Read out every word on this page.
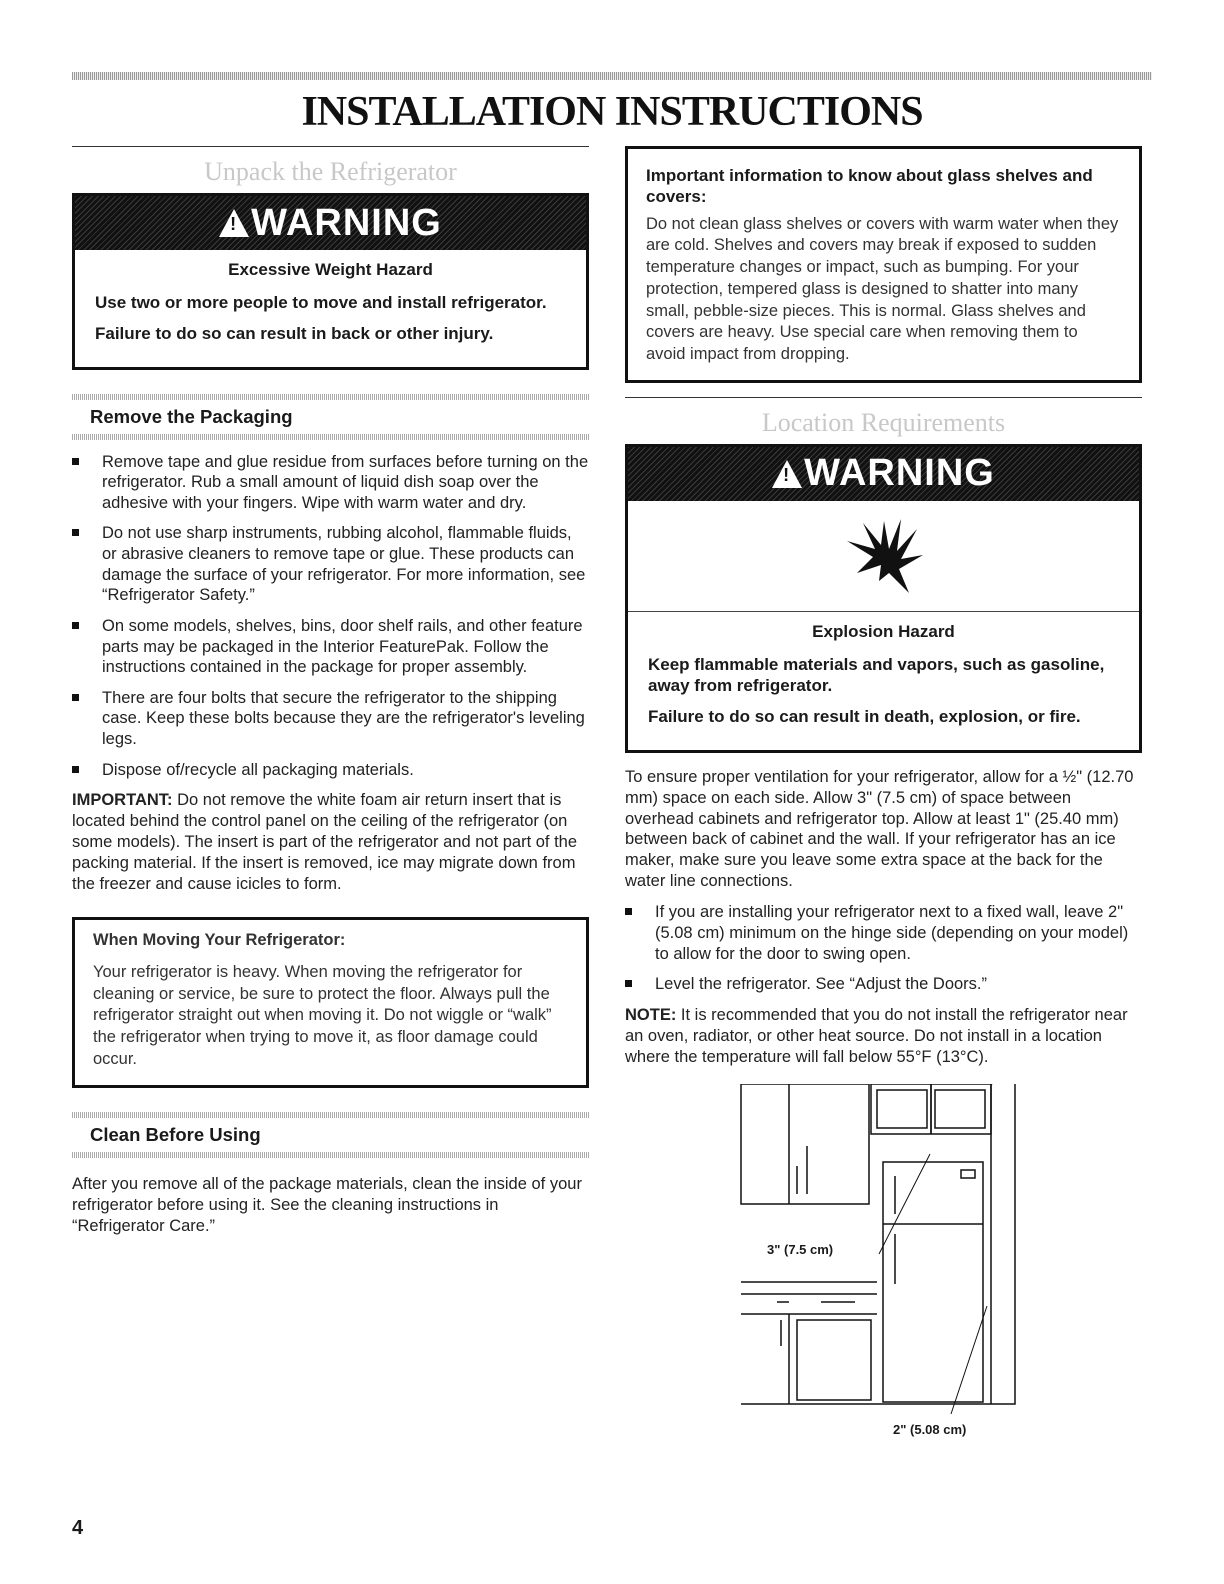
INSTALLATION INSTRUCTIONS
Unpack the Refrigerator
!
WARNING

Excessive Weight Hazard

Use two or more people to move and install refrigerator.

Failure to do so can result in back or other injury.

Remove the Packaging
Remove tape and glue residue from surfaces before turning on the refrigerator. Rub a small amount of liquid dish soap over the adhesive with your fingers. Wipe with warm water and dry.
Do not use sharp instruments, rubbing alcohol, flammable fluids, or abrasive cleaners to remove tape or glue. These products can damage the surface of your refrigerator. For more information, see “Refrigerator Safety.”
On some models, shelves, bins, door shelf rails, and other feature parts may be packaged in the Interior FeaturePak. Follow the instructions contained in the package for proper assembly.
There are four bolts that secure the refrigerator to the shipping case. Keep these bolts because they are the refrigerator's leveling legs.
Dispose of/recycle all packaging materials.

IMPORTANT: Do not remove the white foam air return insert that is located behind the control panel on the ceiling of the refrigerator (on some models). The insert is part of the refrigerator and not part of the packing material. If the insert is removed, ice may migrate down from the freezer and cause icicles to form.

When Moving Your Refrigerator:

Your refrigerator is heavy. When moving the refrigerator for cleaning or service, be sure to protect the floor. Always pull the refrigerator straight out when moving it. Do not wiggle or “walk” the refrigerator when trying to move it, as floor damage could occur.

Clean Before Using

After you remove all of the package materials, clean the inside of your refrigerator before using it. See the cleaning instructions in “Refrigerator Care.”

Important information to know about glass shelves and covers:

Do not clean glass shelves or covers with warm water when they are cold. Shelves and covers may break if exposed to sudden temperature changes or impact, such as bumping. For your protection, tempered glass is designed to shatter into many small, pebble-size pieces. This is normal. Glass shelves and covers are heavy. Use special care when removing them to avoid impact from dropping.

Location Requirements
!
WARNING

Explosion Hazard

Keep flammable materials and vapors, such as gasoline, away from refrigerator.

Failure to do so can result in death, explosion, or fire.

To ensure proper ventilation for your refrigerator, allow for a ½" (12.70 mm) space on each side. Allow 3" (7.5 cm) of space between overhead cabinets and refrigerator top. Allow at least 1" (25.40 mm) between back of cabinet and the wall. If your refrigerator has an ice maker, make sure you leave some extra space at the back for the water line connections.

If you are installing your refrigerator next to a fixed wall, leave 2" (5.08 cm) minimum on the hinge side (depending on your model) to allow for the door to swing open.
Level the refrigerator. See “Adjust the Doors.”

NOTE: It is recommended that you do not install the refrigerator near an oven, radiator, or other heat source. Do not install in a location where the temperature will fall below 55°F (13°C).

3" (7.5 cm)
2" (5.08 cm)
4
